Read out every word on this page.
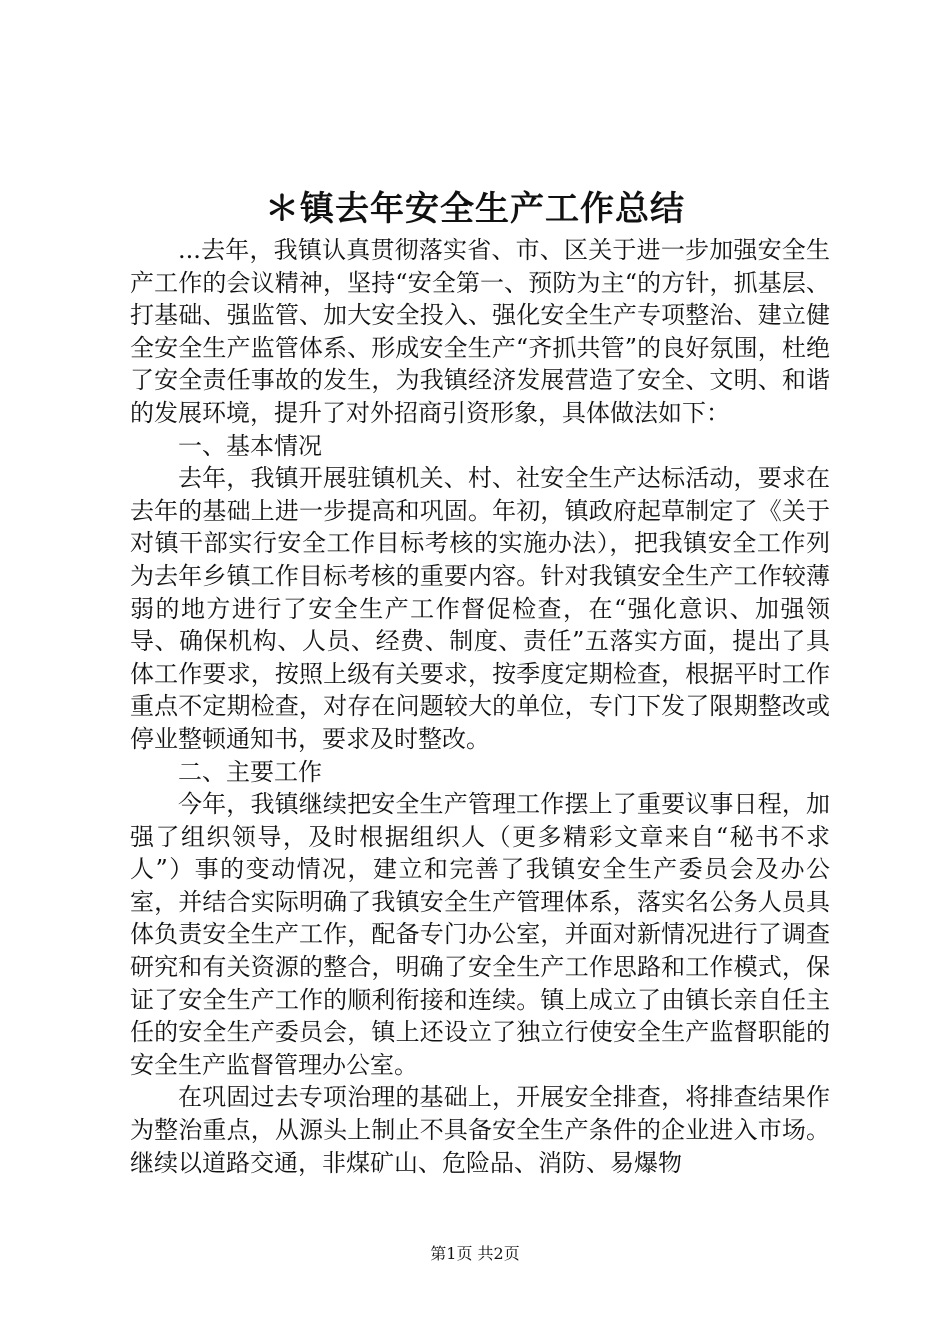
＊镇去年安全生产工作总结

...去年，我镇认真贯彻落实省、市、区关于进一步加强安全生产工作的会议精神，坚持“安全第一、预防为主“的方针，抓基层、打基础、强监管、加大安全投入、强化安全生产专项整治、建立健全安全生产监管体系、形成安全生产“齐抓共管”的良好氛围，杜绝了安全责任事故的发生，为我镇经济发展营造了安全、文明、和谐的发展环境，提升了对外招商引资形象，具体做法如下：

一、基本情况

去年，我镇开展驻镇机关、村、社安全生产达标活动，要求在去年的基础上进一步提高和巩固。年初，镇政府起草制定了《关于对镇干部实行安全工作目标考核的实施办法），把我镇安全工作列为去年乡镇工作目标考核的重要内容。针对我镇安全生产工作较薄弱的地方进行了安全生产工作督促检查，在“强化意识、加强领导、确保机构、人员、经费、制度、责任”五落实方面，提出了具体工作要求，按照上级有关要求，按季度定期检查，根据平时工作重点不定期检查，对存在问题较大的单位，专门下发了限期整改或停业整顿通知书，要求及时整改。

二、主要工作

今年，我镇继续把安全生产管理工作摆上了重要议事日程，加强了组织领导，及时根据组织人（更多精彩文章来自“秘书不求人”）事的变动情况，建立和完善了我镇安全生产委员会及办公室，并结合实际明确了我镇安全生产管理体系，落实名公务人员具体负责安全生产工作，配备专门办公室，并面对新情况进行了调查研究和有关资源的整合，明确了安全生产工作思路和工作模式，保证了安全生产工作的顺利衔接和连续。镇上成立了由镇长亲自任主任的安全生产委员会，镇上还设立了独立行使安全生产监督职能的安全生产监督管理办公室。

在巩固过去专项治理的基础上，开展安全排查，将排查结果作为整治重点，从源头上制止不具备安全生产条件的企业进入市场。继续以道路交通，非煤矿山、危险品、消防、易爆物

第1页 共2页
